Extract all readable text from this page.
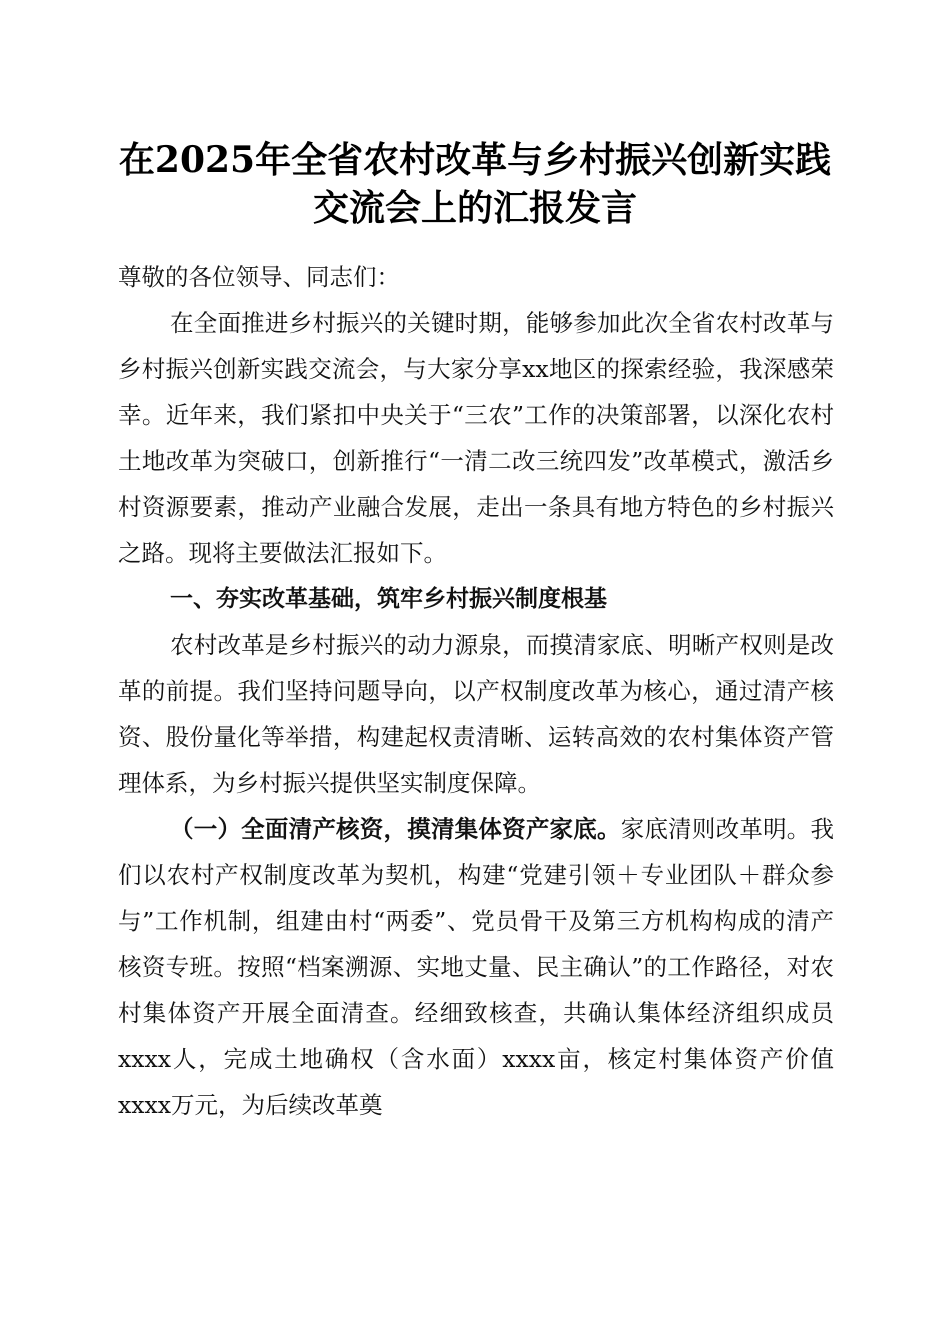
在2025年全省农村改革与乡村振兴创新实践
交流会上的汇报发言

尊敬的各位领导、同志们：

在全面推进乡村振兴的关键时期，能够参加此次全省农村改革与乡村振兴创新实践交流会，与大家分享xx地区的探索经验，我深感荣幸。近年来，我们紧扣中央关于“三农”工作的决策部署，以深化农村土地改革为突破口，创新推行“一清二改三统四发”改革模式，激活乡村资源要素，推动产业融合发展，走出一条具有地方特色的乡村振兴之路。现将主要做法汇报如下。

一、夯实改革基础，筑牢乡村振兴制度根基

农村改革是乡村振兴的动力源泉，而摸清家底、明晰产权则是改革的前提。我们坚持问题导向，以产权制度改革为核心，通过清产核资、股份量化等举措，构建起权责清晰、运转高效的农村集体资产管理体系，为乡村振兴提供坚实制度保障。

（一）全面清产核资，摸清集体资产家底。家底清则改革明。我们以农村产权制度改革为契机，构建“党建引领＋专业团队＋群众参与”工作机制，组建由村“两委”、党员骨干及第三方机构构成的清产核资专班。按照“档案溯源、实地丈量、民主确认”的工作路径，对农村集体资产开展全面清查。经细致核查，共确认集体经济组织成员xxxx人，完成土地确权（含水面）xxxx亩，核定村集体资产价值xxxx万元，为后续改革奠
